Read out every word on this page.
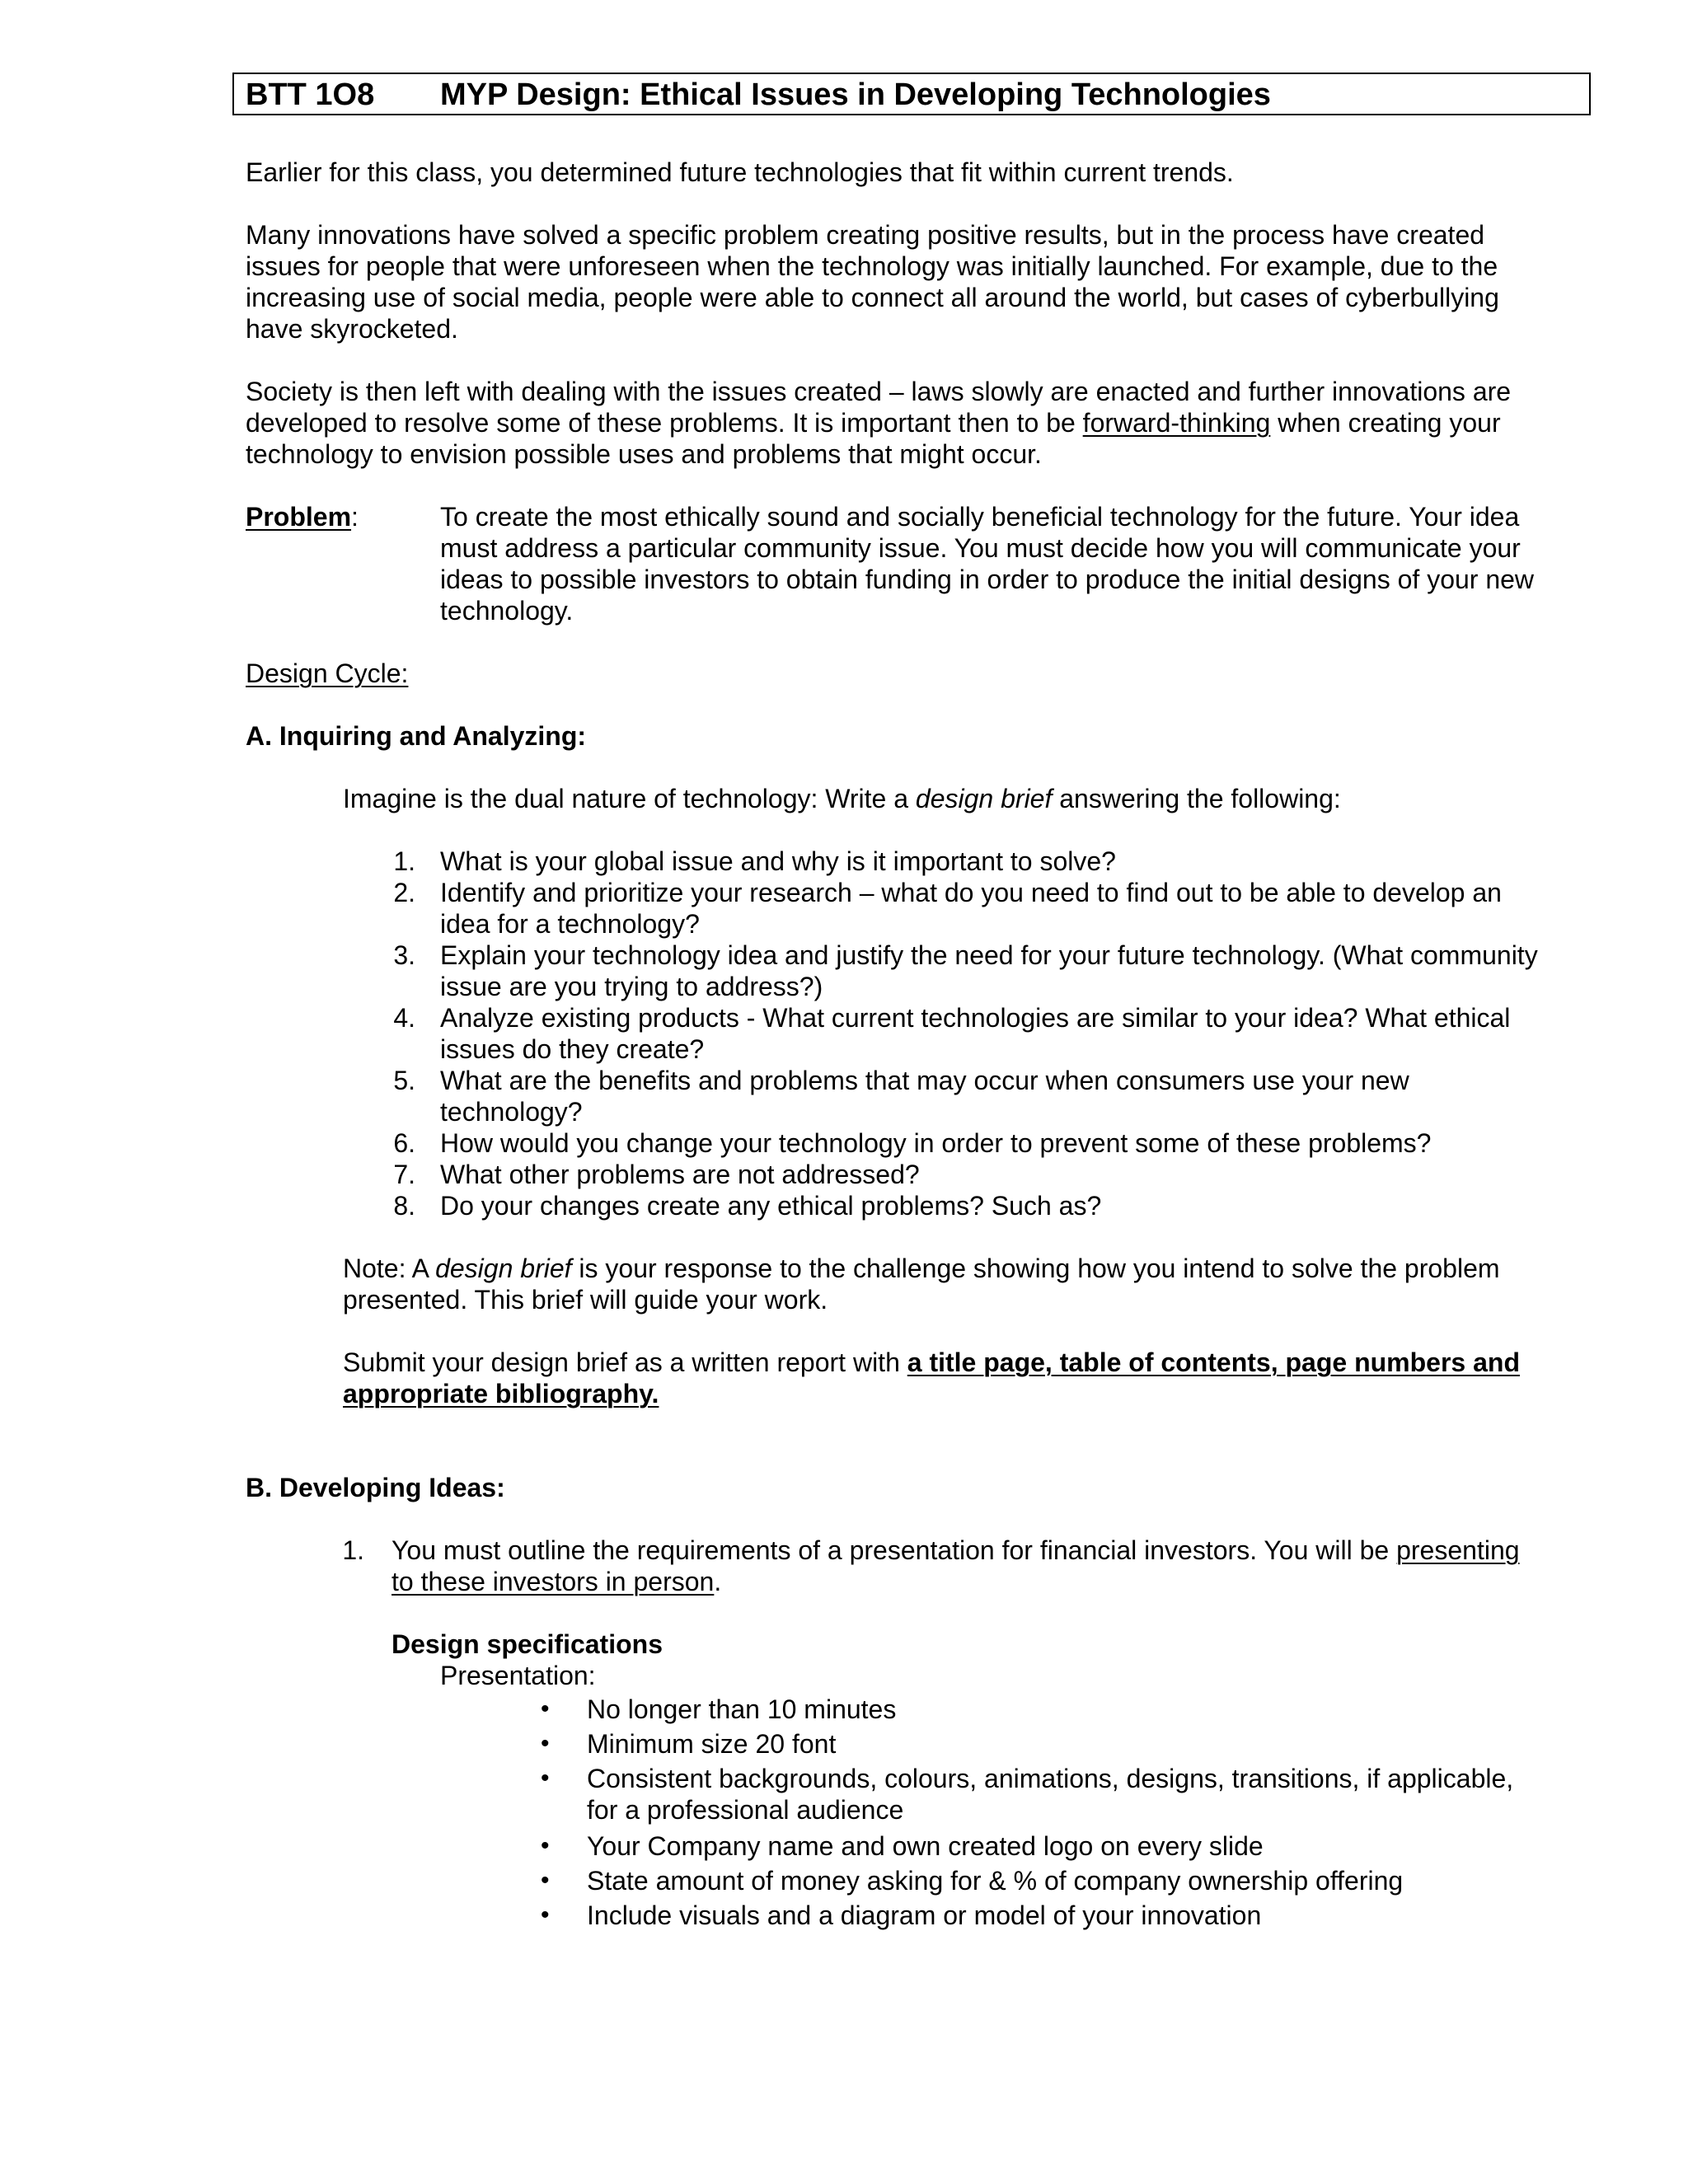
BTT 1O8 MYP Design: Ethical Issues in Developing Technologies
Earlier for this class, you determined future technologies that fit within current trends.
Many innovations have solved a specific problem creating positive results, but in the process have created
issues for people that were unforeseen when the technology was initially launched. For example, due to the
increasing use of social media, people were able to connect all around the world, but cases of cyberbullying
have skyrocketed.
Society is then left with dealing with the issues created – laws slowly are enacted and further innovations are
developed to resolve some of these problems. It is important then to be forward-thinking when creating your
technology to envision possible uses and problems that might occur.
Problem:	To create the most ethically sound and socially beneficial technology for the future. Your idea
must address a particular community issue. You must decide how you will communicate your
ideas to possible investors to obtain funding in order to produce the initial designs of your new
technology.
Design Cycle:
A. Inquiring and Analyzing:
Imagine is the dual nature of technology: Write a design brief answering the following:
1. What is your global issue and why is it important to solve?
2. Identify and prioritize your research – what do you need to find out to be able to develop an
idea for a technology?
3. Explain your technology idea and justify the need for your future technology. (What community
issue are you trying to address?)
4. Analyze existing products - What current technologies are similar to your idea? What ethical
issues do they create?
5. What are the benefits and problems that may occur when consumers use your new
technology?
6. How would you change your technology in order to prevent some of these problems?
7. What other problems are not addressed?
8. Do your changes create any ethical problems? Such as?
Note: A design brief is your response to the challenge showing how you intend to solve the problem
presented. This brief will guide your work.
Submit your design brief as a written report with a title page, table of contents, page numbers and
appropriate bibliography.
B. Developing Ideas:
1. You must outline the requirements of a presentation for financial investors. You will be presenting
to these investors in person.
Design specifications
Presentation:
• No longer than 10 minutes
• Minimum size 20 font
• Consistent backgrounds, colours, animations, designs, transitions, if applicable,
for a professional audience
• Your Company name and own created logo on every slide
• State amount of money asking for & % of company ownership offering
• Include visuals and a diagram or model of your innovation
